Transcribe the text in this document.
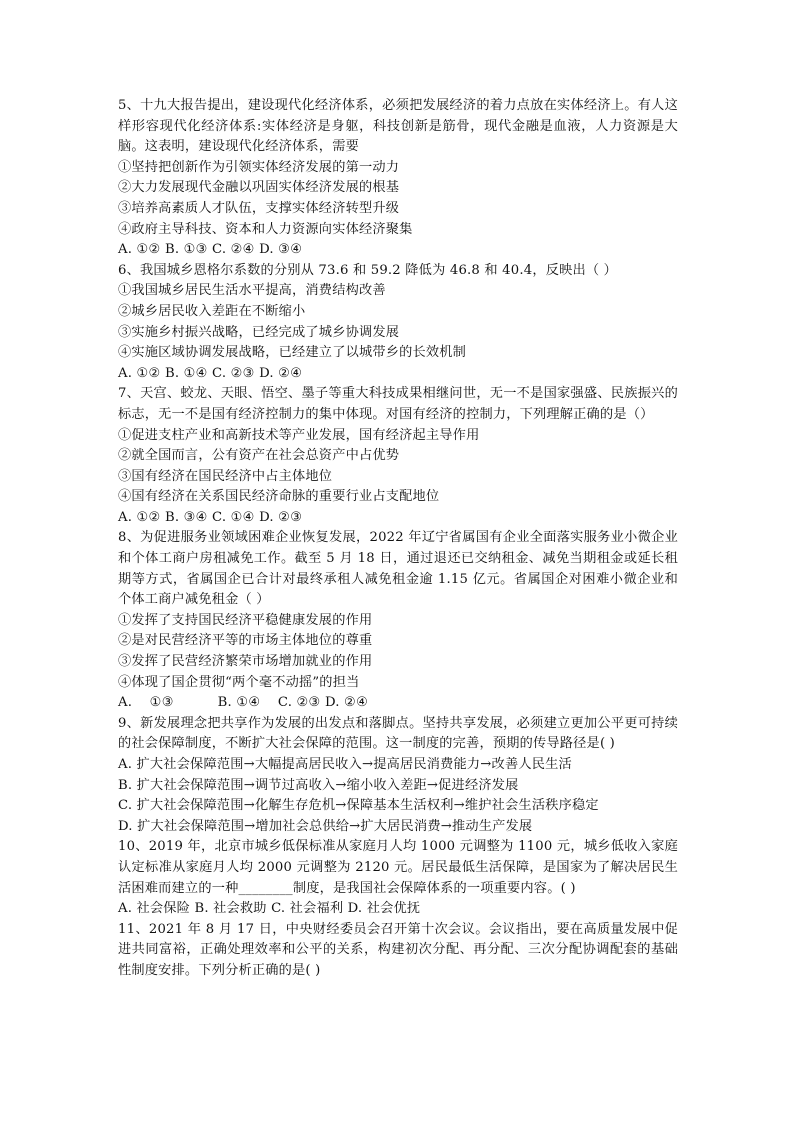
5、十九大报告提出，建设现代化经济体系，必须把发展经济的着力点放在实体经济上。有人这样形容现代化经济体系:实体经济是身躯，科技创新是筋骨，现代金融是血液，人力资源是大脑。这表明，建设现代化经济体系，需要
①坚持把创新作为引领实体经济发展的第一动力
②大力发展现代金融以巩固实体经济发展的根基
③培养高素质人才队伍，支撑实体经济转型升级
④政府主导科技、资本和人力资源向实体经济聚集
A. ①② B. ①③ C. ②④ D. ③④
6、我国城乡恩格尔系数的分别从 73.6 和 59.2 降低为 46.8 和 40.4，反映出（ ）
①我国城乡居民生活水平提高，消费结构改善
②城乡居民收入差距在不断缩小
③实施乡村振兴战略，已经完成了城乡协调发展
④实施区域协调发展战略，已经建立了以城带乡的长效机制
A. ①② B. ①④ C. ②③ D. ②④
7、天宫、蛟龙、天眼、悟空、墨子等重大科技成果相继问世，无一不是国家强盛、民族振兴的标志，无一不是国有经济控制力的集中体现。对国有经济的控制力，下列理解正确的是（）
①促进支柱产业和高新技术等产业发展，国有经济起主导作用
②就全国而言，公有资产在社会总资产中占优势
③国有经济在国民经济中占主体地位
④国有经济在关系国民经济命脉的重要行业占支配地位
A. ①② B. ③④ C. ①④ D. ②③
8、为促进服务业领域困难企业恢复发展，2022 年辽宁省属国有企业全面落实服务业小微企业和个体工商户房租减免工作。截至 5 月 18 日，通过退还已交纳租金、减免当期租金或延长租期等方式，省属国企已合计对最终承租人减免租金逾 1.15 亿元。省属国企对困难小微企业和个体工商户减免租金（ ）
①发挥了支持国民经济平稳健康发展的作用
②是对民营经济平等的市场主体地位的尊重
③发挥了民营经济繁荣市场增加就业的作用
④体现了国企贯彻“两个毫不动摇”的担当
A.    ①③          B. ①④    C. ②③ D. ②④
9、新发展理念把共享作为发展的出发点和落脚点。坚持共享发展，必须建立更加公平更可持续的社会保障制度，不断扩大社会保障的范围。这一制度的完善，预期的传导路径是( )
A. 扩大社会保障范围→大幅提高居民收入→提高居民消费能力→改善人民生活
B. 扩大社会保障范围→调节过高收入→缩小收入差距→促进经济发展
C. 扩大社会保障范围→化解生存危机→保障基本生活权利→维护社会生活秩序稳定
D. 扩大社会保障范围→增加社会总供给→扩大居民消费→推动生产发展
10、2019 年，北京市城乡低保标准从家庭月人均 1000 元调整为 1100 元，城乡低收入家庭认定标准从家庭月人均 2000 元调整为 2120 元。居民最低生活保障，是国家为了解决居民生活困难而建立的一种________制度，是我国社会保障体系的一项重要内容。( )
A. 社会保险 B. 社会救助 C. 社会福利 D. 社会优抚
11、2021 年 8 月 17 日，中央财经委员会召开第十次会议。会议指出，要在高质量发展中促进共同富裕，正确处理效率和公平的关系，构建初次分配、再分配、三次分配协调配套的基础性制度安排。下列分析正确的是( )
